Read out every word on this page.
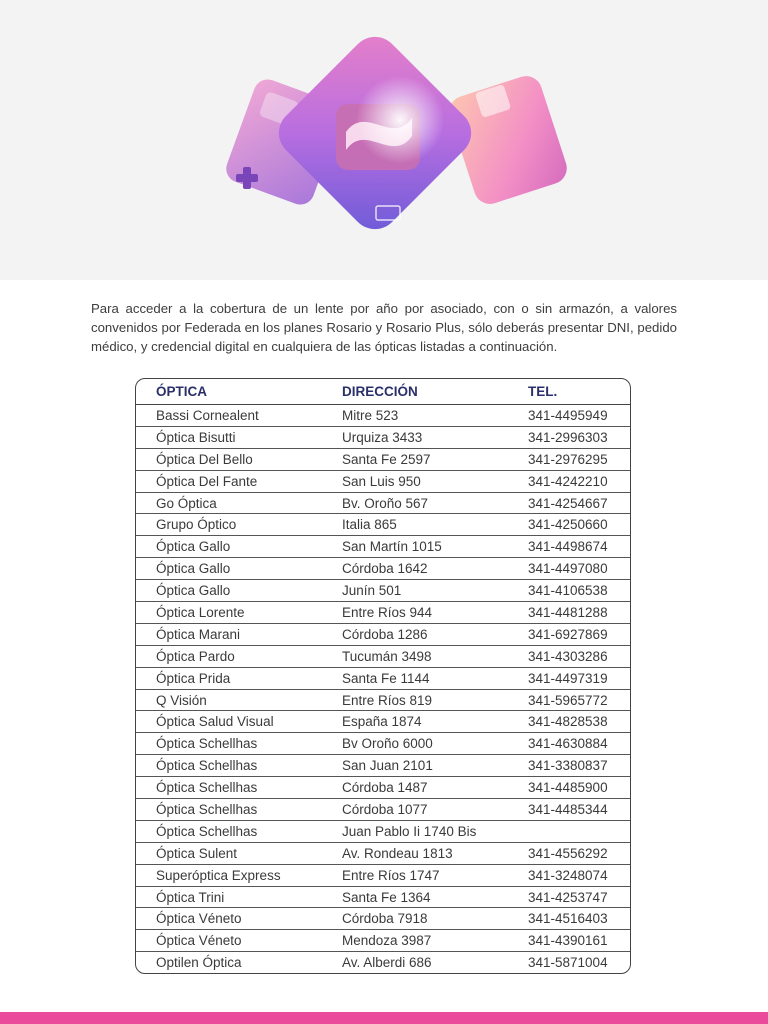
Para acceder a la cobertura de un lente por año por asociado, con o sin armazón, a valores convenidos por Federada en los planes Rosario y Rosario Plus, sólo deberás presentar DNI, pedido médico, y credencial digital en cualquiera de las ópticas listadas a continuación.

ÓPTICA	DIRECCIÓN	TEL.
Bassi Cornealent	Mitre 523	341-4495949
Óptica Bisutti	Urquiza 3433	341-2996303
Óptica Del Bello	Santa Fe 2597	341-2976295
Óptica Del Fante	San Luis 950	341-4242210
Go Óptica	Bv. Oroño 567	341-4254667
Grupo Óptico	Italia 865	341-4250660
Óptica Gallo	San Martín 1015	341-4498674
Óptica Gallo	Córdoba 1642	341-4497080
Óptica Gallo	Junín 501	341-4106538
Óptica Lorente	Entre Ríos 944	341-4481288
Óptica Marani	Córdoba 1286	341-6927869
Óptica Pardo	Tucumán 3498	341-4303286
Óptica Prida	Santa Fe 1144	341-4497319
Q Visión	Entre Ríos 819	341-5965772
Óptica Salud Visual	España 1874	341-4828538
Óptica Schellhas	Bv Oroño 6000	341-4630884
Óptica Schellhas	San Juan 2101	341-3380837
Óptica Schellhas	Córdoba 1487	341-4485900
Óptica Schellhas	Córdoba 1077	341-4485344
Óptica Schellhas	Juan Pablo Ii 1740 Bis	
Óptica Sulent	Av. Rondeau 1813	341-4556292
Superóptica Express	Entre Ríos 1747	341-3248074
Óptica Trini	Santa Fe 1364	341-4253747
Óptica Véneto	Córdoba 7918	341-4516403
Óptica Véneto	Mendoza 3987	341-4390161
Optilen Óptica	Av. Alberdi 686	341-5871004
